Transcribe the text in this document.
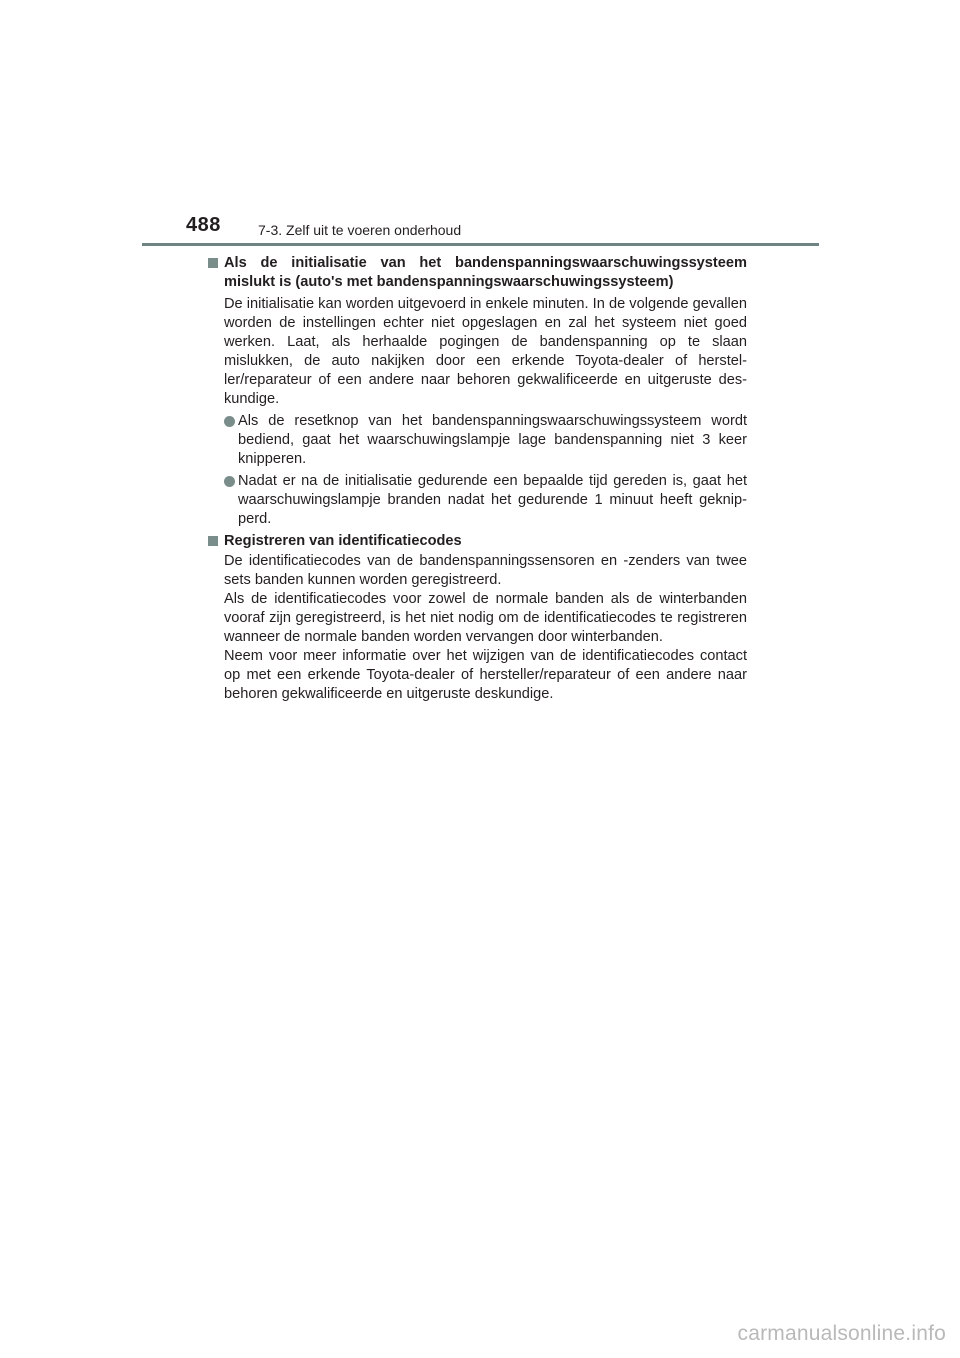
488	7-3. Zelf uit te voeren onderhoud

Als de initialisatie van het bandenspanningswaarschuwingssysteem mislukt is (auto's met bandenspanningswaarschuwingssysteem)

De initialisatie kan worden uitgevoerd in enkele minuten. In de volgende gevallen worden de instellingen echter niet opgeslagen en zal het systeem niet goed werken. Laat, als herhaalde pogingen de bandenspanning op te slaan mislukken, de auto nakijken door een erkende Toyota-dealer of hersteller/reparateur of een andere naar behoren gekwalificeerde en uitgeruste deskundige.

Als de resetknop van het bandenspanningswaarschuwingssysteem wordt bediend, gaat het waarschuwingslampje lage bandenspanning niet 3 keer knipperen.
Nadat er na de initialisatie gedurende een bepaalde tijd gereden is, gaat het waarschuwingslampje branden nadat het gedurende 1 minuut heeft geknipperd.

Registreren van identificatiecodes

De identificatiecodes van de bandenspanningssensoren en -zenders van twee sets banden kunnen worden geregistreerd.

Als de identificatiecodes voor zowel de normale banden als de winterbanden vooraf zijn geregistreerd, is het niet nodig om de identificatiecodes te registreren wanneer de normale banden worden vervangen door winterbanden.

Neem voor meer informatie over het wijzigen van de identificatiecodes contact op met een erkende Toyota-dealer of hersteller/reparateur of een andere naar behoren gekwalificeerde en uitgeruste deskundige.

carmanualsonline.info
